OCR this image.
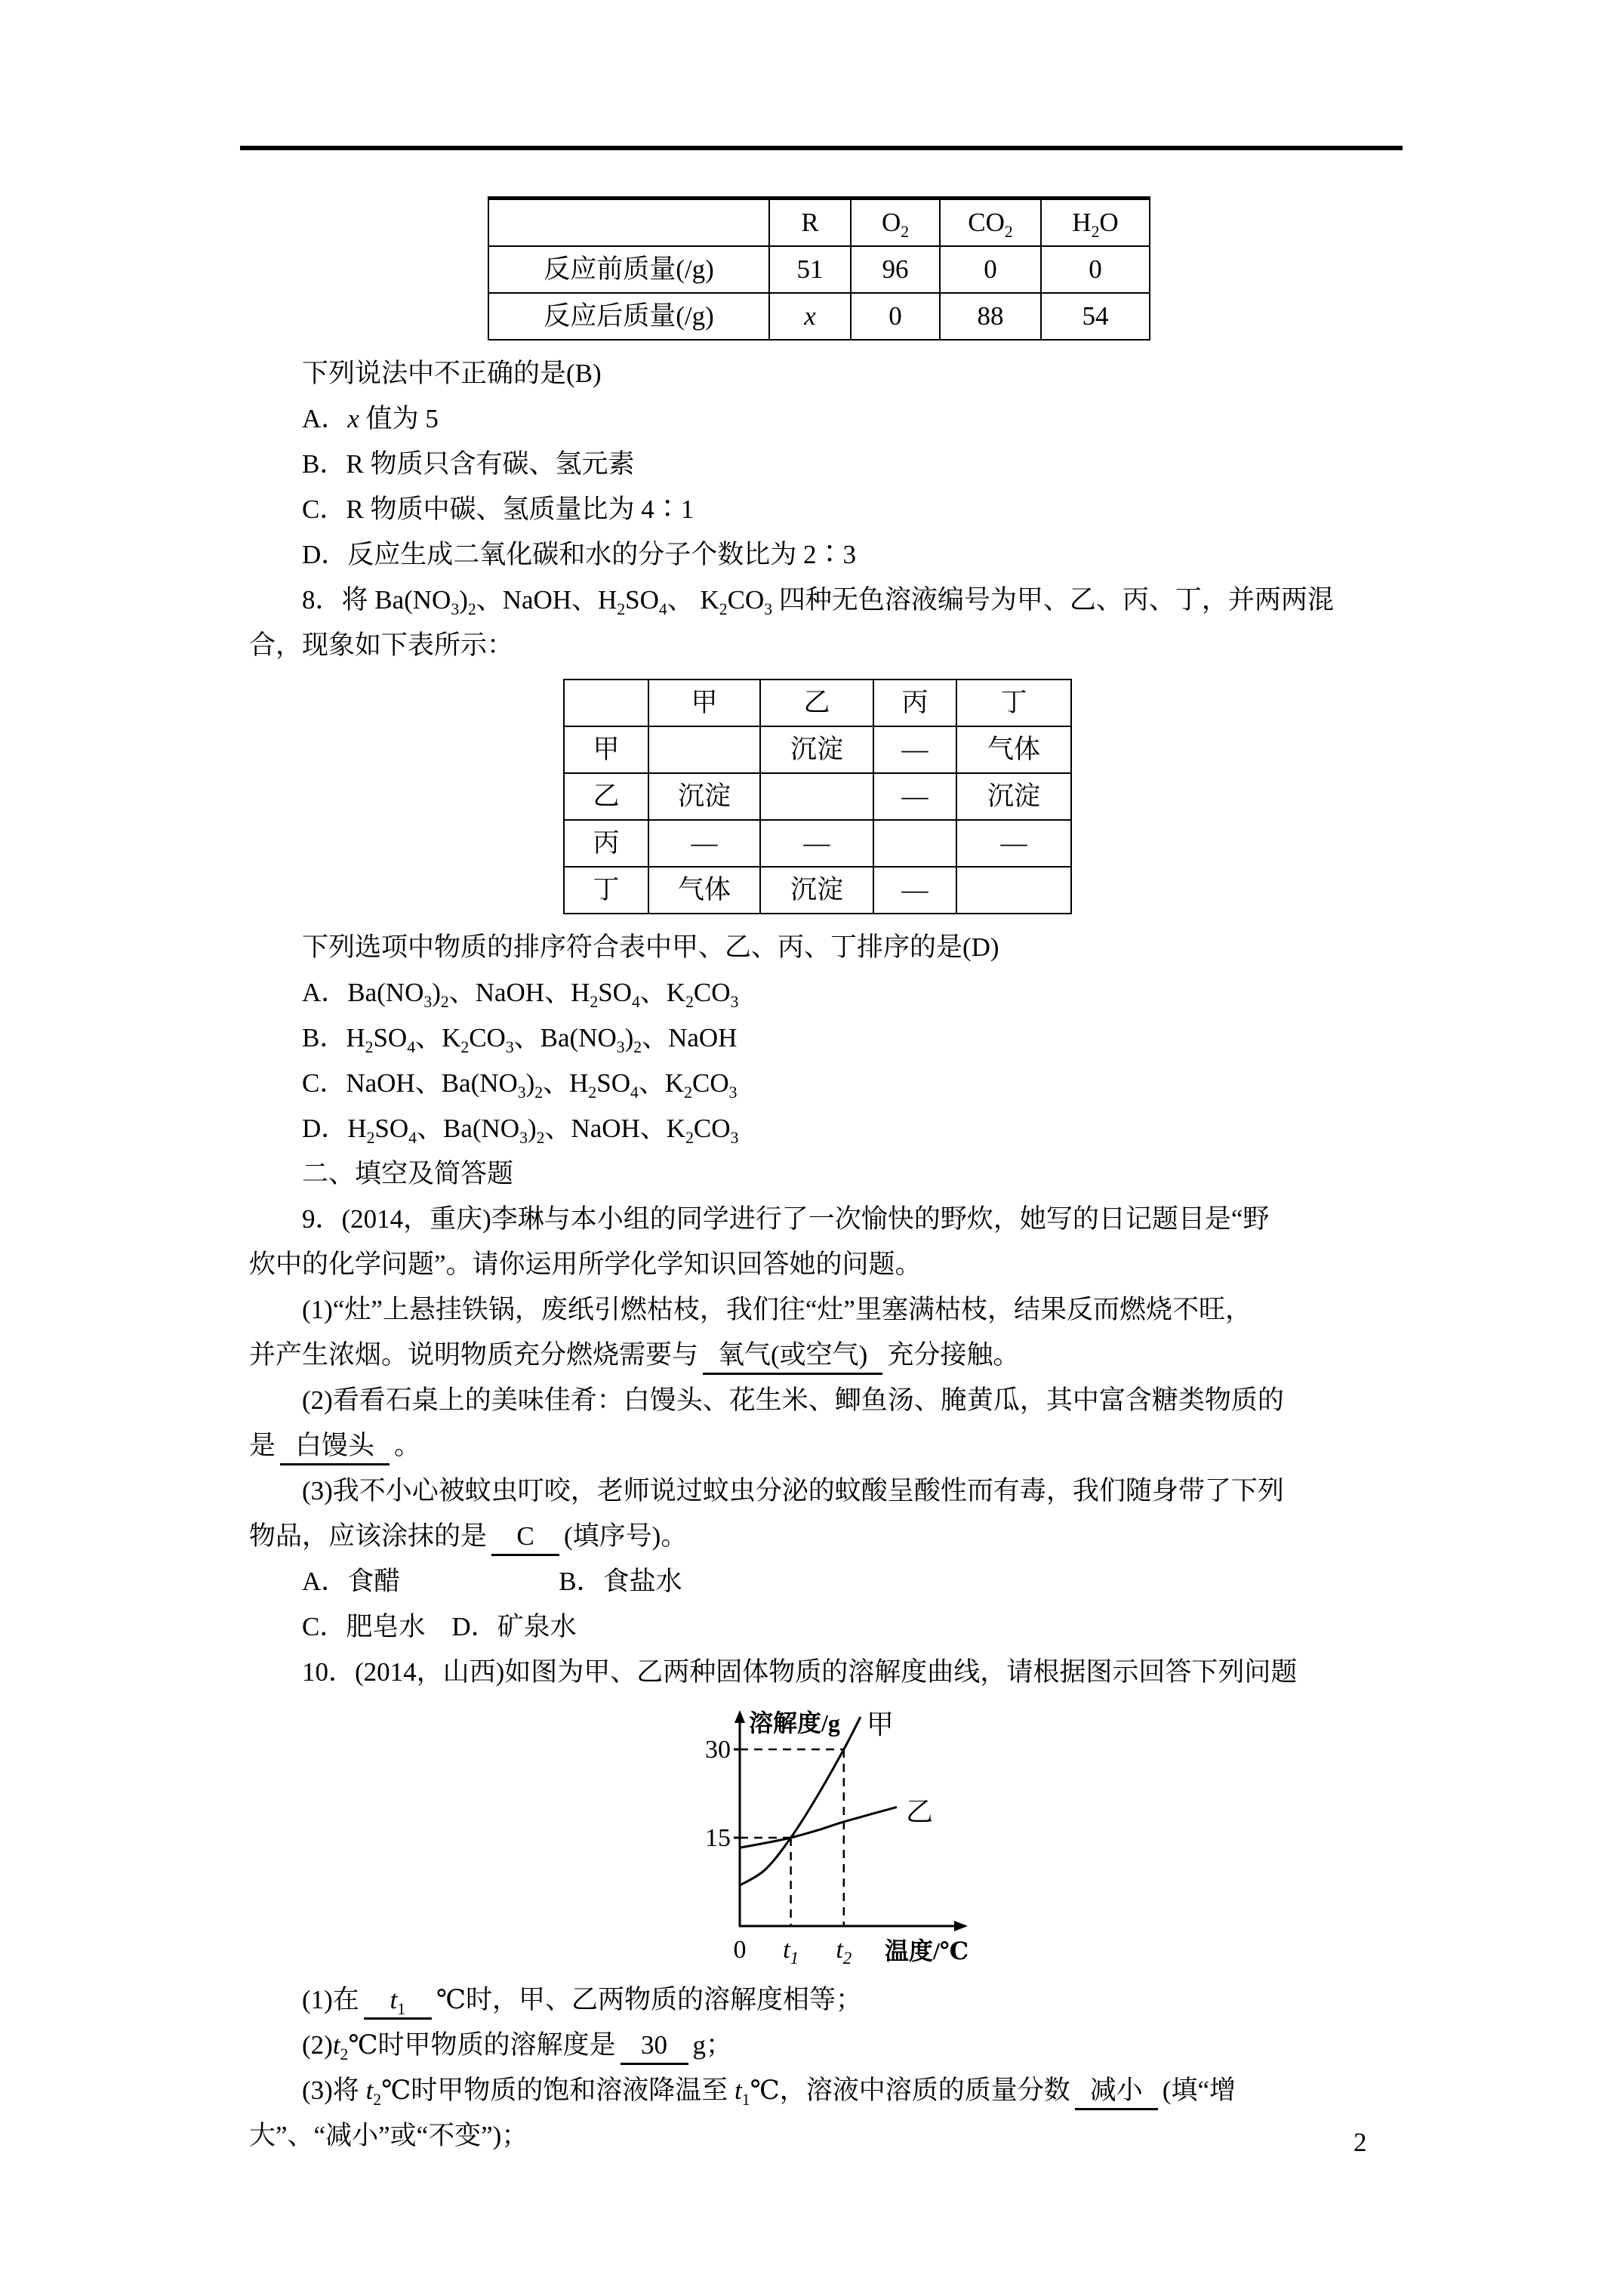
	R	$O_2$	$CO_2$	$H_2O$
反应前质量(/g)	51	96	0	0
反应后质量(/g)	x	0	88	54
下列说法中不正确的是(B)
A．x 值为 5
B．R 物质只含有碳、氢元素
C．R 物质中碳、氢质量比为 4∶1
D．反应生成二氧化碳和水的分子个数比为 2∶3
8．将 $Ba(NO_3)_2$、NaOH、$H_2SO_4$、 $K_2CO_3$ 四种无色溶液编号为甲、乙、丙、丁，并两两混
合，现象如下表所示：
	甲	乙	丙	丁
甲		沉淀	—	气体
乙	沉淀		—	沉淀
丙	—	—		—
丁	气体	沉淀	—	
下列选项中物质的排序符合表中甲、乙、丙、丁排序的是(D)
A．$Ba(NO_3)_2$、NaOH、$H_2SO_4$、$K_2CO_3$
B．$H_2SO_4$、$K_2CO_3$、$Ba(NO_3)_2$、NaOH
C．NaOH、$Ba(NO_3)_2$、$H_2SO_4$、$K_2CO_3$
D．$H_2SO_4$、$Ba(NO_3)_2$、NaOH、$K_2CO_3$
二、填空及简答题
9．(2014，重庆)李琳与本小组的同学进行了一次愉快的野炊，她写的日记题目是“野
炊中的化学问题”。请你运用所学化学知识回答她的问题。
(1)“灶”上悬挂铁锅，废纸引燃枯枝，我们往“灶”里塞满枯枝，结果反而燃烧不旺，
并产生浓烟。说明物质充分燃烧需要与 氧气(或空气) 充分接触。
(2)看看石桌上的美味佳肴：白馒头、花生米、鲫鱼汤、腌黄瓜，其中富含糖类物质的
是 白馒头 。
(3)我不小心被蚊虫叮咬，老师说过蚊虫分泌的蚊酸呈酸性而有毒，我们随身带了下列
物品，应该涂抹的是 C (填序号)。
A．食醋　　　　　　B．食盐水
C．肥皂水　D．矿泉水
10．(2014，山西)如图为甲、乙两种固体物质的溶解度曲线，请根据图示回答下列问题
溶解度/g
温度/℃
30
15
0 $t_1$ $t_2$
甲
乙
(1)在 $t_1$ ℃时，甲、乙两物质的溶解度相等；
$(2)t_2℃$时甲物质的溶解度是 30 g；
(3)将 $t_2℃$时甲物质的饱和溶液降温至 $t_1℃$，溶液中溶质的质量分数 减小 (填“增
大”、“减小”或“不变”)；	2
